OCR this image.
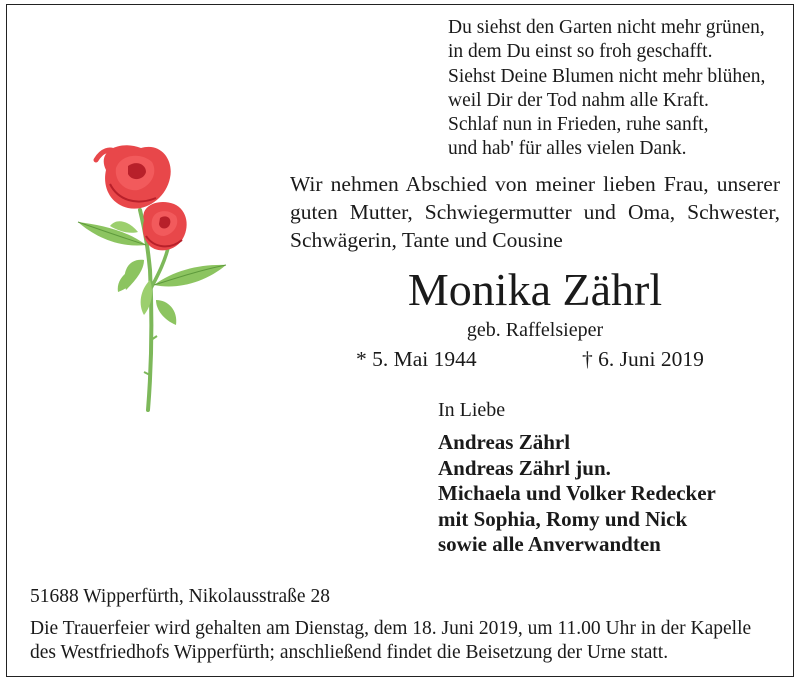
Du siehst den Garten nicht mehr grünen,
in dem Du einst so froh geschafft.
Siehst Deine Blumen nicht mehr blühen,
weil Dir der Tod nahm alle Kraft.
Schlaf nun in Frieden, ruhe sanft,
und hab' für alles vielen Dank.
Wir nehmen Abschied von meiner lieben Frau, unserer
guten Mutter, Schwiegermutter und Oma, Schwester,
Schwägerin, Tante und Cousine
Monika Zährl
geb. Raffelsieper
* 5. Mai 1944	† 6. Juni 2019
In Liebe
Andreas Zährl
Andreas Zährl jun.
Michaela und Volker Redecker
mit Sophia, Romy und Nick
sowie alle Anverwandten
51688 Wipperfürth, Nikolausstraße 28
Die Trauerfeier wird gehalten am Dienstag, dem 18. Juni 2019, um 11.00 Uhr in der Kapelle
des Westfriedhofs Wipperfürth; anschließend findet die Beisetzung der Urne statt.
